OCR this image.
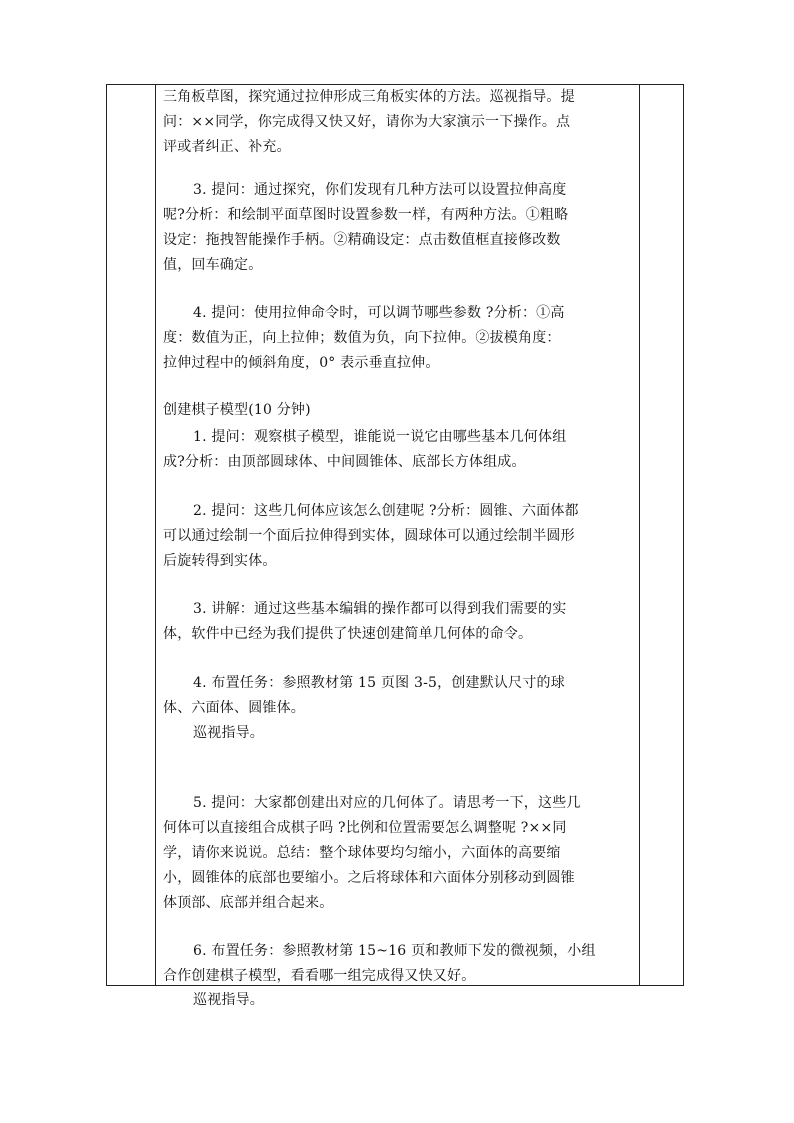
三角板草图，探究通过拉伸形成三角板实体的方法。巡视指导。提
问：××同学，你完成得又快又好，请你为大家演示一下操作。点
评或者纠正、补充。

3. 提问：通过探究，你们发现有几种方法可以设置拉伸高度
呢?分析：和绘制平面草图时设置参数一样，有两种方法。①粗略
设定：拖拽智能操作手柄。②精确设定：点击数值框直接修改数
值，回车确定。

4. 提问：使用拉伸命令时，可以调节哪些参数 ?分析：①高
度：数值为正，向上拉伸；数值为负，向下拉伸。②拔模角度：
拉伸过程中的倾斜角度，0° 表示垂直拉伸。

创建棋子模型(10 分钟)

1. 提问：观察棋子模型，谁能说一说它由哪些基本几何体组
成?分析：由顶部圆球体、中间圆锥体、底部长方体组成。

2. 提问：这些几何体应该怎么创建呢 ?分析：圆锥、六面体都
可以通过绘制一个面后拉伸得到实体，圆球体可以通过绘制半圆形
后旋转得到实体。

3. 讲解：通过这些基本编辑的操作都可以得到我们需要的实
体，软件中已经为我们提供了快速创建简单几何体的命令。

4. 布置任务：参照教材第 15 页图 3-5，创建默认尺寸的球
体、六面体、圆锥体。

巡视指导。

5. 提问：大家都创建出对应的几何体了。请思考一下，这些几
何体可以直接组合成棋子吗 ?比例和位置需要怎么调整呢 ?××同
学，请你来说说。总结：整个球体要均匀缩小，六面体的高要缩
小，圆锥体的底部也要缩小。之后将球体和六面体分别移动到圆锥
体顶部、底部并组合起来。

6. 布置任务：参照教材第 15~16 页和教师下发的微视频，小组
合作创建棋子模型，看看哪一组完成得又快又好。

巡视指导。
